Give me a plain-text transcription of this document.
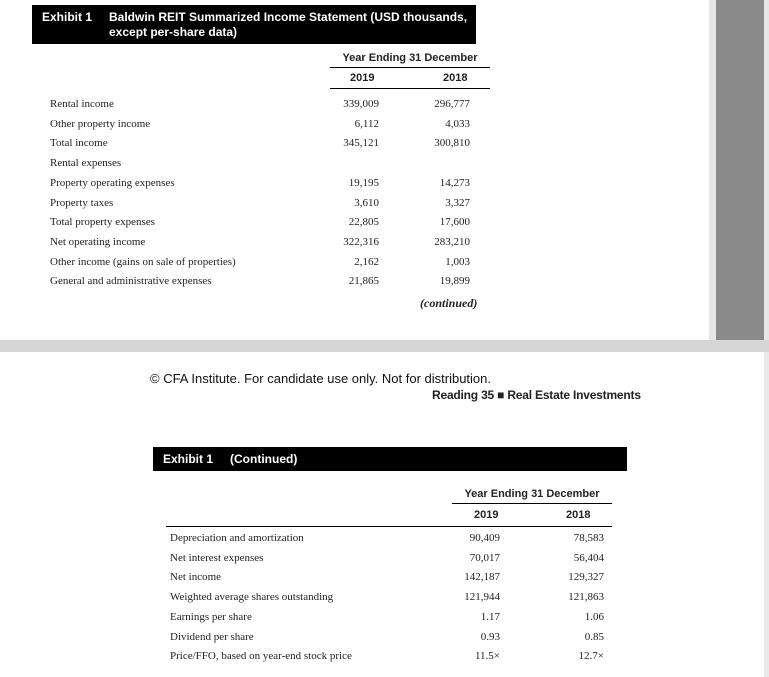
Exhibit 1 Baldwin REIT Summarized Income Statement (USD thousands,
except per-share data)
Year Ending 31 December
2019	2018
Rental income	339,009	296,777
Other property income	6,112	4,033
Total income	345,121	300,810
Rental expenses
Property operating expenses	19,195	14,273
Property taxes	3,610	3,327
Total property expenses	22,805	17,600
Net operating income	322,316	283,210
Other income (gains on sale of properties)	2,162	1,003
General and administrative expenses	21,865	19,899
(continued)
© CFA Institute. For candidate use only. Not for distribution.
Reading 35 ■ Real Estate Investments
Exhibit 1 (Continued)
Year Ending 31 December
2019	2018
Depreciation and amortization	90,409	78,583
Net interest expenses	70,017	56,404
Net income	142,187	129,327
Weighted average shares outstanding	121,944	121,863
Earnings per share	1.17	1.06
Dividend per share	0.93	0.85
Price/FFO, based on year-end stock price	11.5×	12.7×
